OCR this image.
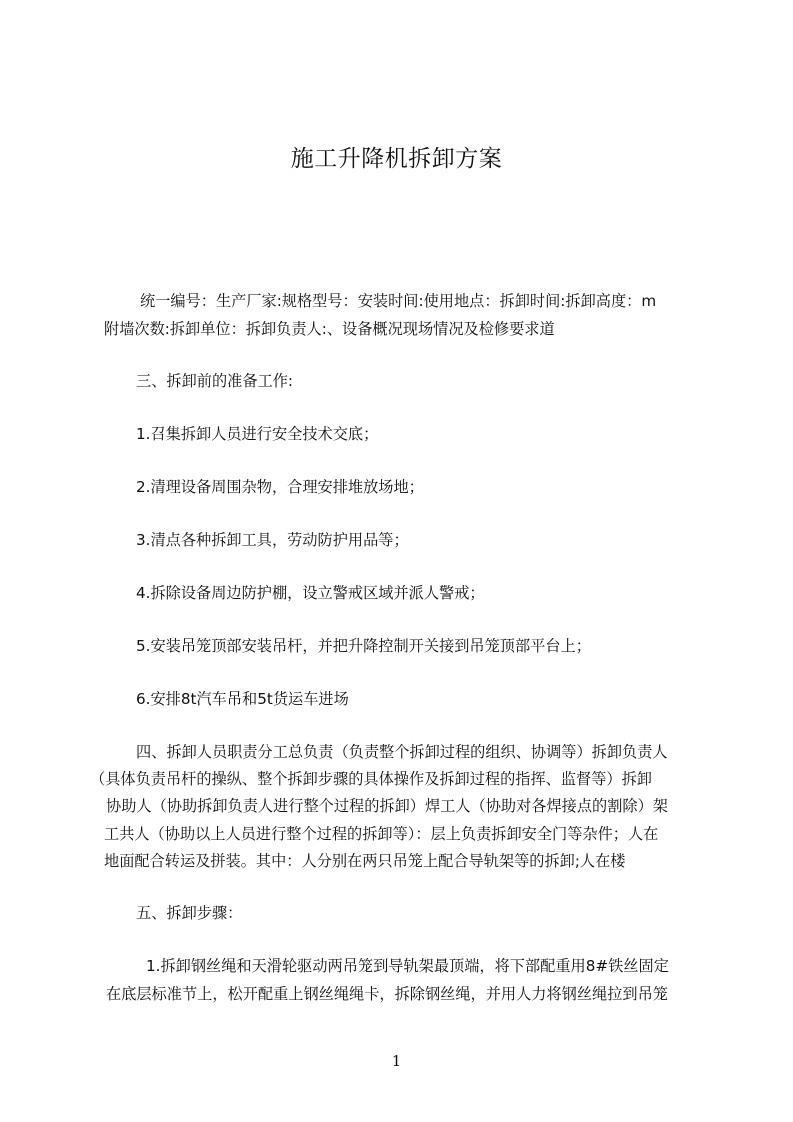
施工升降机拆卸方案
统一编号：生产厂家:规格型号：安装时间:使用地点：拆卸时间:拆卸高度：m
附墙次数:拆卸单位：拆卸负责人:、设备概况现场情况及检修要求道
三、拆卸前的准备工作:
1.召集拆卸人员进行安全技术交底；
2.清理设备周围杂物，合理安排堆放场地；
3.清点各种拆卸工具，劳动防护用品等；
4.拆除设备周边防护棚，设立警戒区域并派人警戒；
5.安装吊笼顶部安装吊杆，并把升降控制开关接到吊笼顶部平台上；
6.安排8t汽车吊和5t货运车进场
四、拆卸人员职责分工总负责（负责整个拆卸过程的组织、协调等）拆卸负责人
（具体负责吊杆的操纵、整个拆卸步骤的具体操作及拆卸过程的指挥、监督等）拆卸
协助人（协助拆卸负责人进行整个过程的拆卸）焊工人（协助对各焊接点的割除）架
工共人（协助以上人员进行整个过程的拆卸等）：层上负责拆卸安全门等杂件；人在
地面配合转运及拼装。其中：人分别在两只吊笼上配合导轨架等的拆卸;人在楼
五、拆卸步骤：
1.拆卸钢丝绳和天滑轮驱动两吊笼到导轨架最顶端，将下部配重用8#铁丝固定
在底层标准节上，松开配重上钢丝绳绳卡，拆除钢丝绳，并用人力将钢丝绳拉到吊笼
1
